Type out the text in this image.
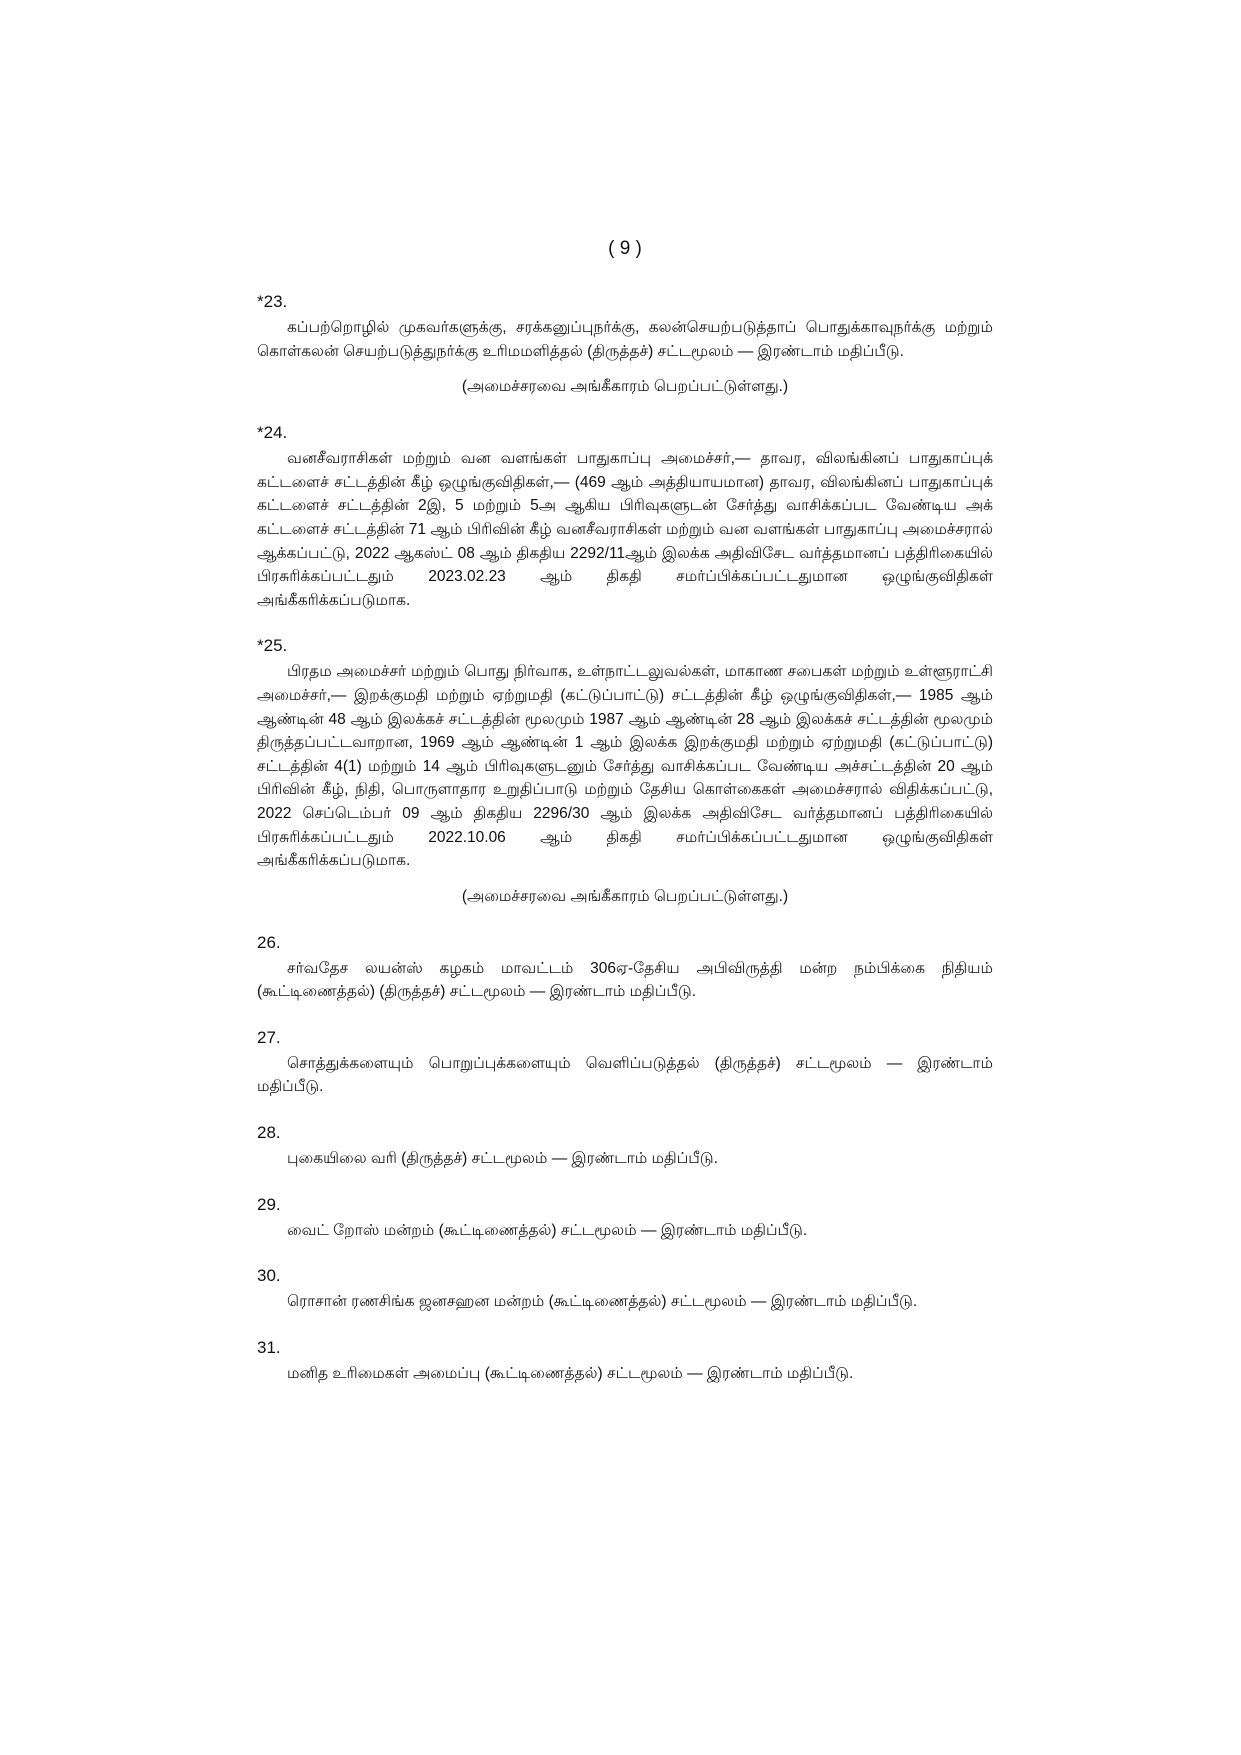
( 9 )
*23.
கப்பற்றொழில் முகவர்களுக்கு, சரக்கனுப்புநர்க்கு, கலன்செயற்படுத்தாப் பொதுக்காவுநர்க்கு மற்றும் கொள்கலன் செயற்படுத்துநர்க்கு உரிமமளித்தல் (திருத்தச்) சட்டமூலம் — இரண்டாம் மதிப்பீடு.
(அமைச்சரவை அங்கீகாரம் பெறப்பட்டுள்ளது.)
*24.
வனசீவராசிகள் மற்றும் வன வளங்கள் பாதுகாப்பு அமைச்சர்,— தாவர, விலங்கினப் பாதுகாப்புக் கட்டளைச் சட்டத்தின் கீழ் ஒழுங்குவிதிகள்,— (469 ஆம் அத்தியாயமான) தாவர, விலங்கினப் பாதுகாப்புக் கட்டளைச் சட்டத்தின் 2இ, 5 மற்றும் 5அ ஆகிய பிரிவுகளுடன் சேர்த்து வாசிக்கப்பட வேண்டிய அக் கட்டளைச் சட்டத்தின் 71 ஆம் பிரிவின் கீழ் வனசீவராசிகள் மற்றும் வன வளங்கள் பாதுகாப்பு அமைச்சரால் ஆக்கப்பட்டு, 2022 ஆகஸ்ட் 08 ஆம் திகதிய 2292/11ஆம் இலக்க அதிவிசேட வர்த்தமானப் பத்திரிகையில் பிரசுரிக்கப்பட்டதும் 2023.02.23 ஆம் திகதி சமர்ப்பிக்கப்பட்டதுமான ஒழுங்குவிதிகள் அங்கீகரிக்கப்படுமாக.
*25.
பிரதம அமைச்சர் மற்றும் பொது நிர்வாக, உள்நாட்டலுவல்கள், மாகாண சபைகள் மற்றும் உள்ளூராட்சி அமைச்சர்,— இறக்குமதி மற்றும் ஏற்றுமதி (கட்டுப்பாட்டு) சட்டத்தின் கீழ் ஒழுங்குவிதிகள்,— 1985 ஆம் ஆண்டின் 48 ஆம் இலக்கச் சட்டத்தின் மூலமும் 1987 ஆம் ஆண்டின் 28 ஆம் இலக்கச் சட்டத்தின் மூலமும் திருத்தப்பட்டவாறான, 1969 ஆம் ஆண்டின் 1 ஆம் இலக்க இறக்குமதி மற்றும் ஏற்றுமதி (கட்டுப்பாட்டு) சட்டத்தின் 4(1) மற்றும் 14 ஆம் பிரிவுகளுடனும் சேர்த்து வாசிக்கப்பட வேண்டிய அச்சட்டத்தின் 20 ஆம் பிரிவின் கீழ், நிதி, பொருளாதார உறுதிப்பாடு மற்றும் தேசிய கொள்கைகள் அமைச்சரால் விதிக்கப்பட்டு, 2022 செப்டெம்பர் 09 ஆம் திகதிய 2296/30 ஆம் இலக்க அதிவிசேட வர்த்தமானப் பத்திரிகையில் பிரசுரிக்கப்பட்டதும் 2022.10.06 ஆம் திகதி சமர்ப்பிக்கப்பட்டதுமான ஒழுங்குவிதிகள் அங்கீகரிக்கப்படுமாக.
(அமைச்சரவை அங்கீகாரம் பெறப்பட்டுள்ளது.)
26.
சர்வதேச லயன்ஸ் கழகம் மாவட்டம் 306ஏ-தேசிய அபிவிருத்தி மன்ற நம்பிக்கை நிதியம் (கூட்டிணைத்தல்) (திருத்தச்) சட்டமூலம் — இரண்டாம் மதிப்பீடு.
27.
சொத்துக்களையும் பொறுப்புக்களையும் வெளிப்படுத்தல் (திருத்தச்) சட்டமூலம் — இரண்டாம் மதிப்பீடு.
28.
புகையிலை வரி (திருத்தச்) சட்டமூலம் — இரண்டாம் மதிப்பீடு.
29.
வைட் றோஸ் மன்றம் (கூட்டிணைத்தல்) சட்டமூலம் — இரண்டாம் மதிப்பீடு.
30.
ரொசான் ரணசிங்க ஜனசஹன மன்றம் (கூட்டிணைத்தல்) சட்டமூலம் — இரண்டாம் மதிப்பீடு.
31.
மனித உரிமைகள் அமைப்பு (கூட்டிணைத்தல்) சட்டமூலம் — இரண்டாம் மதிப்பீடு.
